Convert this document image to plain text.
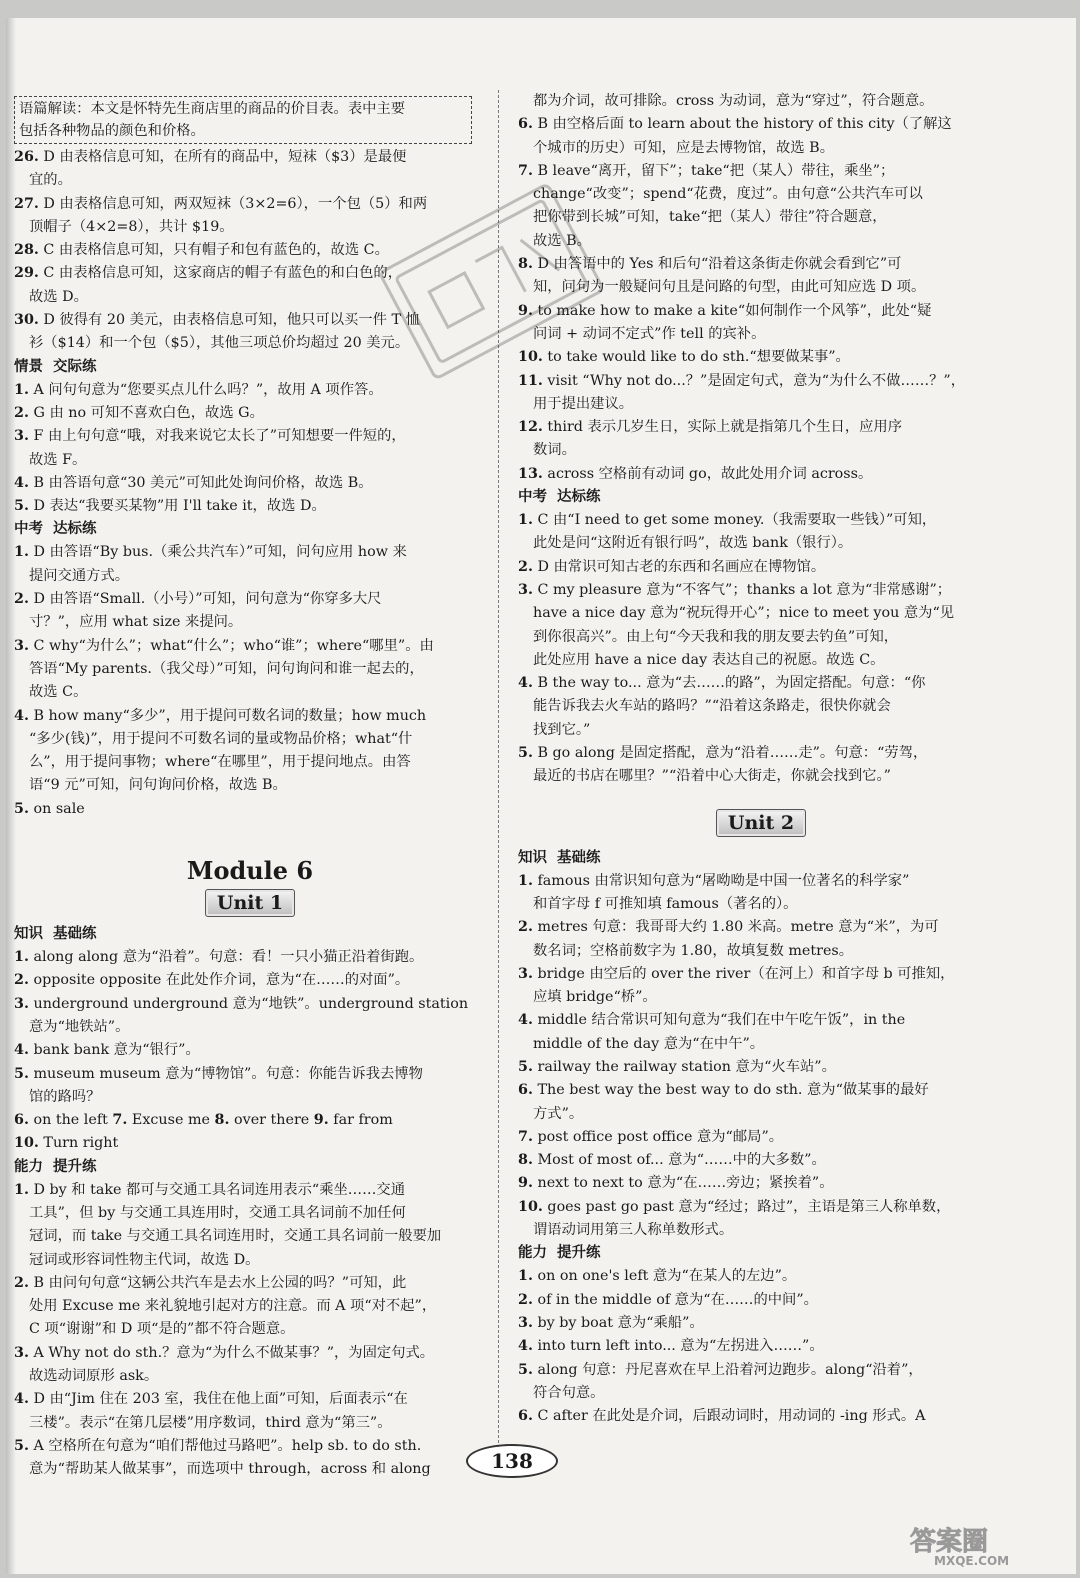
语篇解读：本文是怀特先生商店里的商品的价目表。表中主要
包括各种物品的颜色和价格。
26. D 由表格信息可知，在所有的商品中，短袜（$3）是最便
宜的。
27. D 由表格信息可知，两双短袜（3×2=6），一个包（5）和两
顶帽子（4×2=8），共计 $19。
28. C 由表格信息可知，只有帽子和包有蓝色的，故选 C。
29. C 由表格信息可知，这家商店的帽子有蓝色的和白色的，
故选 D。
30. D 彼得有 20 美元，由表格信息可知，他只可以买一件 T 恤
衫（$14）和一个包（$5），其他三项总价均超过 20 美元。
情景 交际练
1. A 问句句意为“您要买点儿什么吗？”，故用 A 项作答。
2. G 由 no 可知不喜欢白色，故选 G。
3. F 由上句句意“哦，对我来说它太长了”可知想要一件短的，
故选 F。
4. B 由答语句意“30 美元”可知此处询问价格，故选 B。
5. D 表达“我要买某物”用 I'll take it，故选 D。
中考 达标练
1. D 由答语“By bus.（乘公共汽车）”可知，问句应用 how 来
提问交通方式。
2. D 由答语“Small.（小号）”可知，问句意为“你穿多大尺
寸？”，应用 what size 来提问。
3. C why“为什么”；what“什么”；who“谁”；where“哪里”。由
答语“My parents.（我父母）”可知，问句询问和谁一起去的，
故选 C。
4. B how many“多少”，用于提问可数名词的数量；how much
“多少(钱)”，用于提问不可数名词的量或物品价格；what“什
么”，用于提问事物；where“在哪里”，用于提问地点。由答
语“9 元”可知，问句询问价格，故选 B。
5. on sale
Module 6
Unit 1
知识 基础练
1. along along 意为“沿着”。句意：看！一只小猫正沿着街跑。
2. opposite opposite 在此处作介词，意为“在……的对面”。
3. underground underground 意为“地铁”。underground station
意为“地铁站”。
4. bank bank 意为“银行”。
5. museum museum 意为“博物馆”。句意：你能告诉我去博物
馆的路吗？
6. on the left 7. Excuse me 8. over there 9. far from
10. Turn right
能力 提升练
1. D by 和 take 都可与交通工具名词连用表示“乘坐……交通
工具”，但 by 与交通工具连用时，交通工具名词前不加任何
冠词，而 take 与交通工具名词连用时，交通工具名词前一般要加
冠词或形容词性物主代词，故选 D。
2. B 由问句句意“这辆公共汽车是去水上公园的吗？”可知，此
处用 Excuse me 来礼貌地引起对方的注意。而 A 项“对不起”，
C 项“谢谢”和 D 项“是的”都不符合题意。
3. A Why not do sth.？意为“为什么不做某事？”，为固定句式。
故选动词原形 ask。
4. D 由“Jim 住在 203 室，我住在他上面”可知，后面表示“在
三楼”。表示“在第几层楼”用序数词，third 意为“第三”。
5. A 空格所在句意为“咱们帮他过马路吧”。help sb. to do sth.
意为“帮助某人做某事”，而选项中 through，across 和 along
都为介词，故可排除。cross 为动词，意为“穿过”，符合题意。
6. B 由空格后面 to learn about the history of this city（了解这
个城市的历史）可知，应是去博物馆，故选 B。
7. B leave“离开，留下”；take“把（某人）带往，乘坐”；
change“改变”；spend“花费，度过”。由句意“公共汽车可以
把你带到长城”可知，take“把（某人）带往”符合题意，
故选 B。
8. D 由答语中的 Yes 和后句“沿着这条街走你就会看到它”可
知，问句为一般疑问句且是问路的句型，由此可知应选 D 项。
9. to make how to make a kite“如何制作一个风筝”，此处“疑
问词 + 动词不定式”作 tell 的宾补。
10. to take would like to do sth.“想要做某事”。
11. visit “Why not do...？”是固定句式，意为“为什么不做……？”，
用于提出建议。
12. third 表示几岁生日，实际上就是指第几个生日，应用序
数词。
13. across 空格前有动词 go，故此处用介词 across。
中考 达标练
1. C 由“I need to get some money.（我需要取一些钱）”可知，
此处是问“这附近有银行吗”，故选 bank（银行）。
2. D 由常识可知古老的东西和名画应在博物馆。
3. C my pleasure 意为“不客气”；thanks a lot 意为“非常感谢”；
have a nice day 意为“祝玩得开心”；nice to meet you 意为“见
到你很高兴”。由上句“今天我和我的朋友要去钓鱼”可知，
此处应用 have a nice day 表达自己的祝愿。故选 C。
4. B the way to... 意为“去……的路”，为固定搭配。句意：“你
能告诉我去火车站的路吗？”“沿着这条路走，很快你就会
找到它。”
5. B go along 是固定搭配，意为“沿着……走”。句意：“劳驾，
最近的书店在哪里？”“沿着中心大街走，你就会找到它。”
Unit 2
知识 基础练
1. famous 由常识知句意为“屠呦呦是中国一位著名的科学家”
和首字母 f 可推知填 famous（著名的）。
2. metres 句意：我哥哥大约 1.80 米高。metre 意为“米”，为可
数名词；空格前数字为 1.80，故填复数 metres。
3. bridge 由空后的 over the river（在河上）和首字母 b 可推知，
应填 bridge“桥”。
4. middle 结合常识可知句意为“我们在中午吃午饭”，in the
middle of the day 意为“在中午”。
5. railway the railway station 意为“火车站”。
6. The best way the best way to do sth. 意为“做某事的最好
方式”。
7. post office post office 意为“邮局”。
8. Most of most of... 意为“……中的大多数”。
9. next to next to 意为“在……旁边；紧挨着”。
10. goes past go past 意为“经过；路过”，主语是第三人称单数，
谓语动词用第三人称单数形式。
能力 提升练
1. on on one's left 意为“在某人的左边”。
2. of in the middle of 意为“在……的中间”。
3. by by boat 意为“乘船”。
4. into turn left into... 意为“左拐进入……”。
5. along 句意：丹尼喜欢在早上沿着河边跑步。along“沿着”，
符合句意。
6. C after 在此处是介词，后跟动词时，用动词的 -ing 形式。A
138
答案圈
MXQE.COM
